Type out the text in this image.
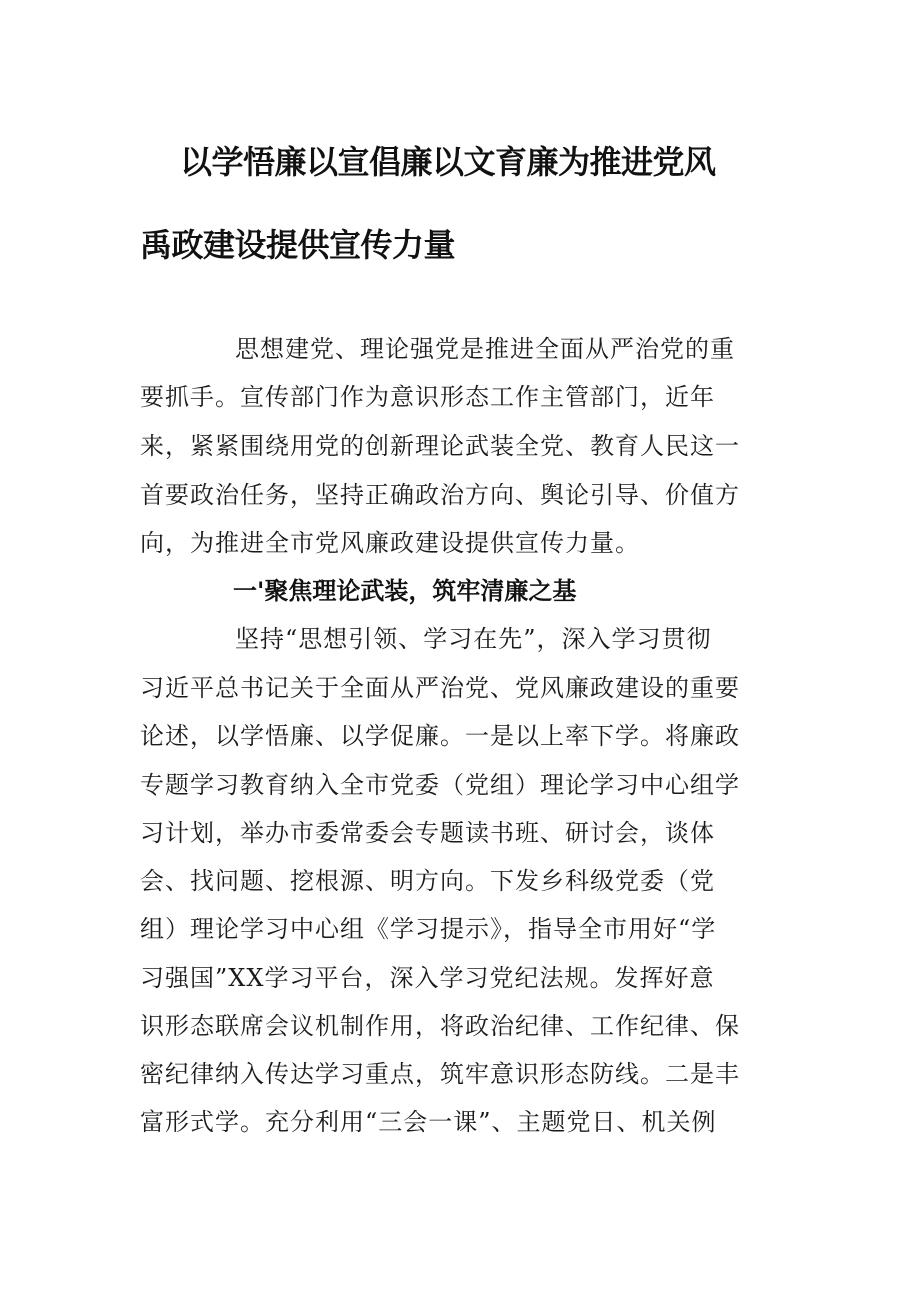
以学悟廉以宣倡廉以文育廉为推进党风
禹政建设提供宣传力量

思想建党、理论强党是推进全面从严治党的重

要抓手。宣传部门作为意识形态工作主管部门，近年

来，紧紧围绕用党的创新理论武装全党、教育人民这一

首要政治任务，坚持正确政治方向、舆论引导、价值方

向，为推进全市党风廉政建设提供宣传力量。

一'聚焦理论武装，筑牢清廉之基

坚持“思想引领、学习在先”，深入学习贯彻

习近平总书记关于全面从严治党、党风廉政建设的重要

论述，以学悟廉、以学促廉。一是以上率下学。将廉政

专题学习教育纳入全市党委（党组）理论学习中心组学

习计划，举办市委常委会专题读书班、研讨会，谈体

会、找问题、挖根源、明方向。下发乡科级党委（党

组）理论学习中心组《学习提示》，指导全市用好“学

习强国”XX学习平台，深入学习党纪法规。发挥好意

识形态联席会议机制作用，将政治纪律、工作纪律、保

密纪律纳入传达学习重点，筑牢意识形态防线。二是丰

富形式学。充分利用“三会一课”、主题党日、机关例
